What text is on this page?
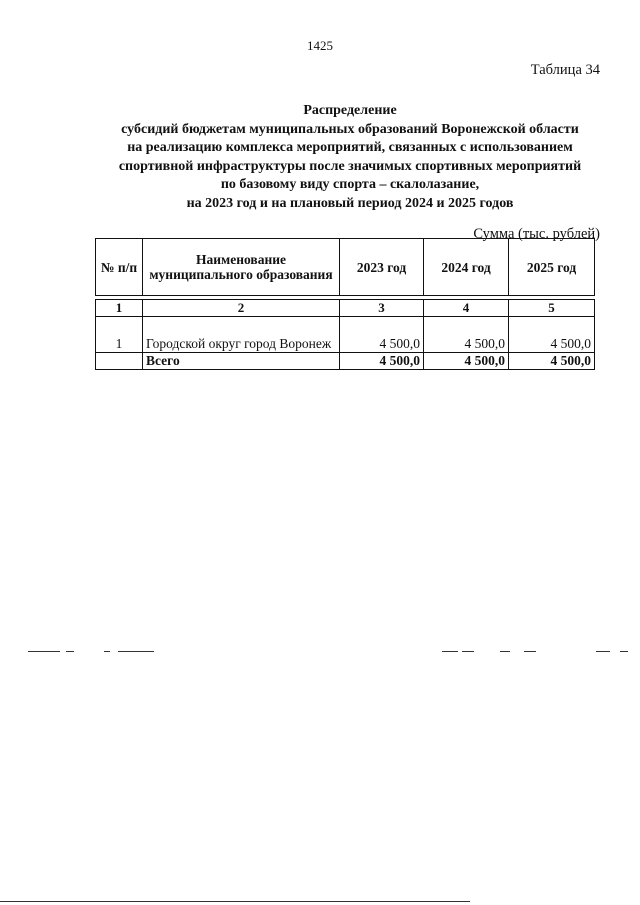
1425
Таблица 34
Распределение
субсидий бюджетам муниципальных образований Воронежской области
на реализацию комплекса мероприятий, связанных с использованием
спортивной инфраструктуры после значимых спортивных мероприятий
по базовому виду спорта – скалолазание,
на 2023 год и на плановый период 2024 и 2025 годов
Сумма (тыс. рублей)
№ п/п	Наименование муниципального образования	2023 год	2024 год	2025 год
1	2	3	4	5
1	Городской округ город Воронеж	4 500,0	4 500,0	4 500,0
	Всего	4 500,0	4 500,0	4 500,0
